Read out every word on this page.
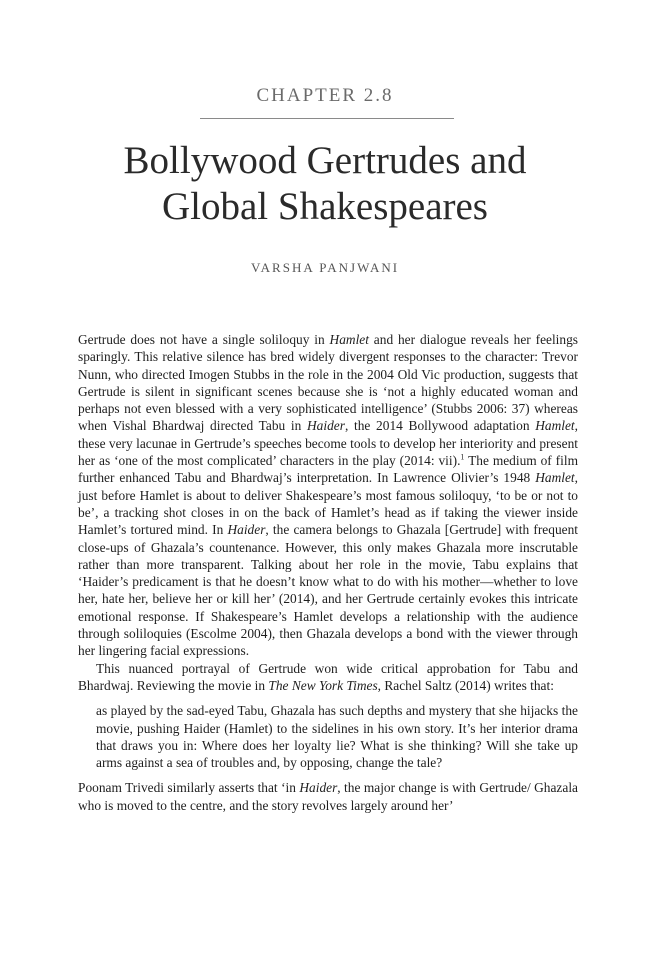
CHAPTER 2.8
Bollywood Gertrudes and
Global Shakespeares
VARSHA PANJWANI

Gertrude does not have a single soliloquy in Hamlet and her dialogue reveals her feelings sparingly. This relative silence has bred widely divergent responses to the character: Trevor Nunn, who directed Imogen Stubbs in the role in the 2004 Old Vic production, suggests that Gertrude is silent in significant scenes because she is ‘not a highly educated woman and perhaps not even blessed with a very sophisticated intelligence’ (Stubbs 2006: 37) whereas when Vishal Bhardwaj directed Tabu in Haider, the 2014 Bollywood adaptation Hamlet, these very lacunae in Gertrude’s speeches become tools to develop her interiority and present her as ‘one of the most complicated’ characters in the play (2014: vii).$^1$ The medium of film further enhanced Tabu and Bhardwaj’s interpretation. In Lawrence Olivier’s 1948 Hamlet, just before Hamlet is about to deliver Shakespeare’s most famous soliloquy, ‘to be or not to be’, a tracking shot closes in on the back of Hamlet’s head as if taking the viewer inside Hamlet’s tortured mind. In Haider, the camera belongs to Ghazala [Gertrude] with frequent close-ups of Ghazala’s countenance. However, this only makes Ghazala more inscrutable rather than more transparent. Talking about her role in the movie, Tabu explains that ‘Haider’s predicament is that he doesn’t know what to do with his mother—whether to love her, hate her, believe her or kill her’ (2014), and her Gertrude certainly evokes this intricate emotional response. If Shakespeare’s Hamlet develops a relationship with the audience through soliloquies (Escolme 2004), then Ghazala develops a bond with the viewer through her lingering facial expressions.

This nuanced portrayal of Gertrude won wide critical approbation for Tabu and Bhardwaj. Reviewing the movie in The New York Times, Rachel Saltz (2014) writes that:

as played by the sad-eyed Tabu, Ghazala has such depths and mystery that she hijacks the movie, pushing Haider (Hamlet) to the sidelines in his own story. It’s her interior drama that draws you in: Where does her loyalty lie? What is she thinking? Will she take up arms against a sea of troubles and, by opposing, change the tale?

Poonam Trivedi similarly asserts that ‘in Haider, the major change is with Gertrude/ Ghazala who is moved to the centre, and the story revolves largely around her’
